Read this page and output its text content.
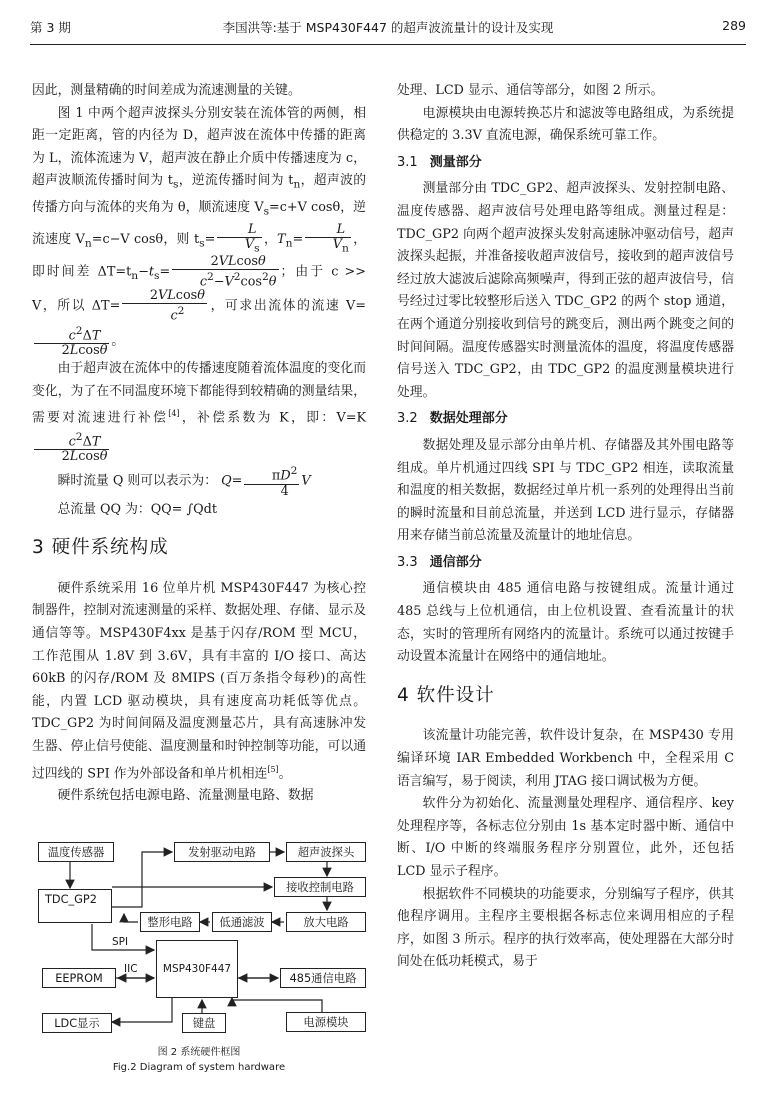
第 3 期	李国洪等:基于 MSP430F447 的超声波流量计的设计及实现	289

因此，测量精确的时间差成为流速测量的关键。

图 1 中两个超声波探头分别安装在流体管的两侧，相距一定距离，管的内径为 D，超声波在流体中传播的距离为 L，流体流速为 V，超声波在静止介质中传播速度为 c，超声波顺流传播时间为 $t_s$，逆流传播时间为 $t_n$，超声波的传播方向与流体的夹角为 θ，顺流速度 $V_s=c+V$ cosθ，逆流速度 $V_n=c-V$ cosθ，则 $t_s= \frac{L}{V_s}$ ，$T_n= \frac{L}{V_n}$ ，即时间差 $\Delta T=t_n-t_s= \frac{2VLcos\theta}{c^2-V^2\cos^2\theta}$ ；由于 c >> V，所以 $\Delta T= \frac{2VLcos\theta}{c^2}$ ，可求出流体的流速 V=
$\frac{c^2\Delta T}{2Lcos\theta}$ 。

由于超声波在流体中的传播速度随着流体温度的变化而变化，为了在不同温度环境下都能得到较精确的测量结果，需要对流速进行补偿[4]，补偿系数为 K，即：V=K
$\frac{c^2\Delta T}{2Lcos\theta}$

瞬时流量 Q 则可以表示为： $Q= \frac{\pi D^2}{4}$ V

总流量 QQ 为：QQ= ∫Qdt

3 硬件系统构成

硬件系统采用 16 位单片机 MSP430F447 为核心控制器件，控制对流速测量的采样、数据处理、存储、显示及通信等等。MSP430F4xx 是基于闪存/ROM 型 MCU，工作范围从 1.8V 到 3.6V，具有丰富的 I/O 接口、高达 60kB 的闪存/ROM 及 8MIPS (百万条指令每秒)的高性能，内置 LCD 驱动模块，具有速度高功耗低等优点。TDC_GP2 为时间间隔及温度测量芯片，具有高速脉冲发生器、停止信号使能、温度测量和时钟控制等功能，可以通过四线的 SPI 作为外部设备和单片机相连[5]。

硬件系统包括电源电路、流量测量电路、数据

温度传感器	发射驱动电路	超声波探头
接收控制电路
TDC_GP2
整形电路	低通滤波	放大电路
MSP430F447
EEPROM	485通信电路
LDC显示	键盘	电源模块
SPI
IIC
图 2 系统硬件框图
Fig.2 Diagram of system hardware

处理、LCD 显示、通信等部分，如图 2 所示。

电源模块由电源转换芯片和滤波等电路组成，为系统提供稳定的 3.3V 直流电源，确保系统可靠工作。

3.1 测量部分

测量部分由 TDC_GP2、超声波探头、发射控制电路、温度传感器、超声波信号处理电路等组成。测量过程是：TDC_GP2 向两个超声波探头发射高速脉冲驱动信号，超声波探头起振，并准备接收超声波信号，接收到的超声波信号经过放大滤波后滤除高频噪声，得到正弦的超声波信号，信号经过过零比较整形后送入 TDC_GP2 的两个 stop 通道，在两个通道分别接收到信号的跳变后，测出两个跳变之间的时间间隔。温度传感器实时测量流体的温度，将温度传感器信号送入 TDC_GP2，由 TDC_GP2 的温度测量模块进行处理。

3.2 数据处理部分

数据处理及显示部分由单片机、存储器及其外围电路等组成。单片机通过四线 SPI 与 TDC_GP2 相连，读取流量和温度的相关数据，数据经过单片机一系列的处理得出当前的瞬时流量和目前总流量，并送到 LCD 进行显示，存储器用来存储当前总流量及流量计的地址信息。

3.3 通信部分

通信模块由 485 通信电路与按键组成。流量计通过 485 总线与上位机通信，由上位机设置、查看流量计的状态，实时的管理所有网络内的流量计。系统可以通过按键手动设置本流量计在网络中的通信地址。

4 软件设计

该流量计功能完善，软件设计复杂，在 MSP430 专用编译环境 IAR Embedded Workbench 中，全程采用 C 语言编写，易于阅读，利用 JTAG 接口调试极为方便。

软件分为初始化、流量测量处理程序、通信程序、key 处理程序等，各标志位分别由 1s 基本定时器中断、通信中断、I/O 中断的终端服务程序分别置位，此外，还包括 LCD 显示子程序。

根据软件不同模块的功能要求，分别编写子程序，供其他程序调用。主程序主要根据各标志位来调用相应的子程序，如图 3 所示。程序的执行效率高，使处理器在大部分时间处在低功耗模式，易于
